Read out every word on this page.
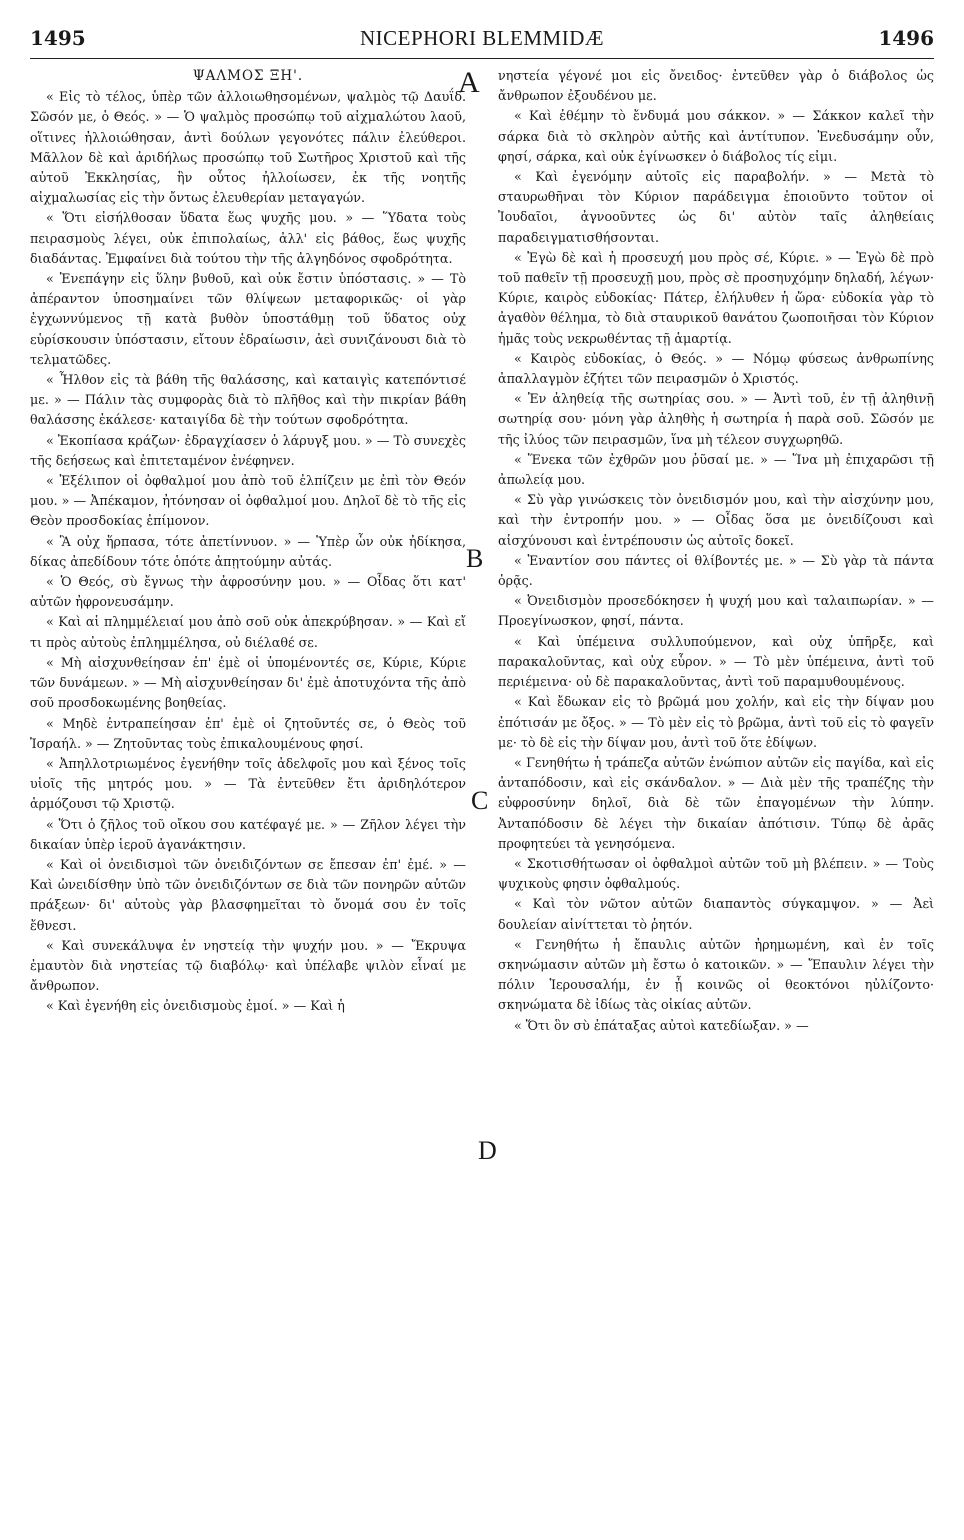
1495	NICEPHORI BLEMMIDÆ	1496

ΨΑΛΜΟΣ ΞΗ'.

« Εἰς τὸ τέλος, ὑπὲρ τῶν ἀλλοιωθησομένων, ψαλμὸς τῷ Δαυΐδ. Σῶσόν με, ὁ Θεός. » — Ὁ ψαλμὸς προσώπῳ τοῦ αἰχμαλώτου λαοῦ, οἵτινες ἠλλοιώθησαν, ἀντὶ δούλων γεγονότες πάλιν ἐλεύθεροι. Μᾶλλον δὲ καὶ ἀριδήλως προσώπῳ τοῦ Σωτῆρος Χριστοῦ καὶ τῆς αὐτοῦ Ἐκκλησίας, ἣν οὗτος ἠλλοίωσεν, ἐκ τῆς νοητῆς αἰχμαλωσίας εἰς τὴν ὄντως ἐλευθερίαν μεταγαγών.

« Ὅτι εἰσήλθοσαν ὕδατα ἕως ψυχῆς μου. » — Ὕδατα τοὺς πειρασμοὺς λέγει, οὐκ ἐπιπολαίως, ἀλλ' εἰς βάθος, ἕως ψυχῆς διαδάντας. Ἐμφαίνει διὰ τούτου τὴν τῆς ἀλγηδόνος σφοδρότητα.

« Ἐνεπάγην εἰς ὕλην βυθοῦ, καὶ οὐκ ἔστιν ὑπόστασις. » — Τὸ ἀπέραντον ὑποσημαίνει τῶν θλίψεων μεταφορικῶς· οἱ γὰρ ἐγχωννύμενος τῇ κατὰ βυθὸν ὑποστάθμῃ τοῦ ὕδατος οὐχ εὑρίσκουσιν ὑπόστασιν, εἴτουν ἑδραίωσιν, ἀεὶ συνιζάνουσι διὰ τὸ τελματῶδες.

« Ἦλθον εἰς τὰ βάθη τῆς θαλάσσης, καὶ καταιγὶς κατεπόντισέ με. » — Πάλιν τὰς συμφορὰς διὰ τὸ πλῆθος καὶ τὴν πικρίαν βάθη θαλάσσης ἐκάλεσε· καταιγίδα δὲ τὴν τούτων σφοδρότητα.

« Ἐκοπίασα κράζων· ἐδραγχίασεν ὁ λάρυγξ μου. » — Τὸ συνεχὲς τῆς δεήσεως καὶ ἐπιτεταμένον ἐνέφηνεν.

« Ἐξέλιπον οἱ ὀφθαλμοί μου ἀπὸ τοῦ ἐλπίζειν με ἐπὶ τὸν Θεόν μου. » — Ἀπέκαμον, ἠτόνησαν οἱ ὀφθαλμοί μου. Δηλοῖ δὲ τὸ τῆς εἰς Θεὸν προσδοκίας ἐπίμονον.

« Ἃ οὐχ ἥρπασα, τότε ἀπετίννυον. » — Ὑπὲρ ὧν οὐκ ἠδίκησα, δίκας ἀπεδίδουν τότε ὁπότε ἀπῃτούμην αὐτάς.

« Ὁ Θεός, σὺ ἔγνως τὴν ἀφροσύνην μου. » — Οἶδας ὅτι κατ' αὐτῶν ἠφρονευσάμην.

« Καὶ αἱ πλημμέλειαί μου ἀπὸ σοῦ οὐκ ἀπεκρύβησαν. » — Καὶ εἴ τι πρὸς αὐτοὺς ἐπλημμέλησα, οὐ διέλαθέ σε.

« Μὴ αἰσχυνθείησαν ἐπ' ἐμὲ οἱ ὑπομένοντές σε, Κύριε, Κύριε τῶν δυνάμεων. » — Μὴ αἰσχυνθείησαν δι' ἐμὲ ἀποτυχόντα τῆς ἀπὸ σοῦ προσδοκωμένης βοηθείας.

« Μηδὲ ἐντραπείησαν ἐπ' ἐμὲ οἱ ζητοῦντές σε, ὁ Θεὸς τοῦ Ἰσραήλ. » — Ζητοῦντας τοὺς ἐπικαλουμένους φησί.

« Ἀπηλλοτριωμένος ἐγενήθην τοῖς ἀδελφοῖς μου καὶ ξένος τοῖς υἱοῖς τῆς μητρός μου. » — Τὰ ἐντεῦθεν ἔτι ἀριδηλότερον ἁρμόζουσι τῷ Χριστῷ.

« Ὅτι ὁ ζῆλος τοῦ οἴκου σου κατέφαγέ με. » — Ζῆλον λέγει τὴν δικαίαν ὑπὲρ ἱεροῦ ἀγανάκτησιν.

« Καὶ οἱ ὀνειδισμοὶ τῶν ὀνειδιζόντων σε ἔπεσαν ἐπ' ἐμέ. » — Καὶ ὠνειδίσθην ὑπὸ τῶν ὀνειδιζόντων σε διὰ τῶν πονηρῶν αὐτῶν πράξεων· δι' αὐτοὺς γὰρ βλασφημεῖται τὸ ὄνομά σου ἐν τοῖς ἔθνεσι.

« Καὶ συνεκάλυψα ἐν νηστείᾳ τὴν ψυχήν μου. » — Ἔκρυψα ἐμαυτὸν διὰ νηστείας τῷ διαβόλῳ· καὶ ὑπέλαβε ψιλὸν εἶναί με ἄνθρωπον.

« Καὶ ἐγενήθη εἰς ὀνειδισμοὺς ἐμοί. » — Καὶ ἡ

A
B
C
D

νηστεία γέγονέ μοι εἰς ὄνειδος· ἐντεῦθεν γὰρ ὁ διάβολος ὡς ἄνθρωπον ἐξουδένου με.

« Καὶ ἐθέμην τὸ ἔνδυμά μου σάκκον. » — Σάκκον καλεῖ τὴν σάρκα διὰ τὸ σκληρὸν αὐτῆς καὶ ἀντίτυπον. Ἐνεδυσάμην οὖν, φησί, σάρκα, καὶ οὐκ ἐγίνωσκεν ὁ διάβολος τίς εἰμι.

« Καὶ ἐγενόμην αὐτοῖς εἰς παραβολήν. » — Μετὰ τὸ σταυρωθῆναι τὸν Κύριον παράδειγμα ἐποιοῦντο τοῦτον οἱ Ἰουδαῖοι, ἀγνοοῦντες ὡς δι' αὐτὸν ταῖς ἀληθείαις παραδειγματισθήσονται.

« Ἐγὼ δὲ καὶ ἡ προσευχή μου πρὸς σέ, Κύριε. » — Ἐγὼ δὲ πρὸ τοῦ παθεῖν τῇ προσευχῇ μου, πρὸς σὲ προσηυχόμην δηλαδή, λέγων· Κύριε, καιρὸς εὐδοκίας· Πάτερ, ἐλήλυθεν ἡ ὥρα· εὐδοκία γὰρ τὸ ἀγαθὸν θέλημα, τὸ διὰ σταυρικοῦ θανάτου ζωοποιῆσαι τὸν Κύριον ἡμᾶς τοὺς νεκρωθέντας τῇ ἁμαρτίᾳ.

« Καιρὸς εὐδοκίας, ὁ Θεός. » — Νόμῳ φύσεως ἀνθρωπίνης ἀπαλλαγμὸν ἐζήτει τῶν πειρασμῶν ὁ Χριστός.

« Ἐν ἀληθείᾳ τῆς σωτηρίας σου. » — Ἀντὶ τοῦ, ἐν τῇ ἀληθινῇ σωτηρίᾳ σου· μόνη γὰρ ἀληθὴς ἡ σωτηρία ἡ παρὰ σοῦ. Σῶσόν με τῆς ἰλύος τῶν πειρασμῶν, ἵνα μὴ τέλεον συγχωρηθῶ.

« Ἕνεκα τῶν ἐχθρῶν μου ῥῦσαί με. » — Ἵνα μὴ ἐπιχαρῶσι τῇ ἀπωλείᾳ μου.

« Σὺ γὰρ γινώσκεις τὸν ὀνειδισμόν μου, καὶ τὴν αἰσχύνην μου, καὶ τὴν ἐντροπήν μου. » — Οἶδας ὅσα με ὀνειδίζουσι καὶ αἰσχύνουσι καὶ ἐντρέπουσιν ὡς αὐτοῖς δοκεῖ.

« Ἐναντίον σου πάντες οἱ θλίβοντές με. » — Σὺ γὰρ τὰ πάντα ὁρᾷς.

« Ὀνειδισμὸν προσεδόκησεν ἡ ψυχή μου καὶ ταλαιπωρίαν. » — Προεγίνωσκον, φησί, πάντα.

« Καὶ ὑπέμεινα συλλυπούμενον, καὶ οὐχ ὑπῆρξε, καὶ παρακαλοῦντας, καὶ οὐχ εὗρον. » — Τὸ μὲν ὑπέμεινα, ἀντὶ τοῦ περιέμεινα· οὐ δὲ παρακαλοῦντας, ἀντὶ τοῦ παραμυθουμένους.

« Καὶ ἔδωκαν εἰς τὸ βρῶμά μου χολήν, καὶ εἰς τὴν δίψαν μου ἐπότισάν με ὄξος. » — Τὸ μὲν εἰς τὸ βρῶμα, ἀντὶ τοῦ εἰς τὸ φαγεῖν με· τὸ δὲ εἰς τὴν δίψαν μου, ἀντὶ τοῦ ὅτε ἐδίψων.

« Γενηθήτω ἡ τράπεζα αὐτῶν ἐνώπιον αὐτῶν εἰς παγίδα, καὶ εἰς ἀνταπόδοσιν, καὶ εἰς σκάνδαλον. » — Διὰ μὲν τῆς τραπέζης τὴν εὐφροσύνην δηλοῖ, διὰ δὲ τῶν ἐπαγομένων τὴν λύπην. Ἀνταπόδοσιν δὲ λέγει τὴν δικαίαν ἀπότισιν. Τύπῳ δὲ ἀρᾶς προφητεύει τὰ γενησόμενα.

« Σκοτισθήτωσαν οἱ ὀφθαλμοὶ αὐτῶν τοῦ μὴ βλέπειν. » — Τοὺς ψυχικοὺς φησιν ὀφθαλμούς.

« Καὶ τὸν νῶτον αὐτῶν διαπαντὸς σύγκαμψον. » — Ἀεὶ δουλείαν αἰνίττεται τὸ ῥητόν.

« Γενηθήτω ἡ ἔπαυλις αὐτῶν ἠρημωμένη, καὶ ἐν τοῖς σκηνώμασιν αὐτῶν μὴ ἔστω ὁ κατοικῶν. » — Ἔπαυλιν λέγει τὴν πόλιν Ἱερουσαλήμ, ἐν ᾗ κοινῶς οἱ θεοκτόνοι ηὐλίζοντο· σκηνώματα δὲ ἰδίως τὰς οἰκίας αὐτῶν.

« Ὅτι ὃν σὺ ἐπάταξας αὐτοὶ κατεδίωξαν. » —
